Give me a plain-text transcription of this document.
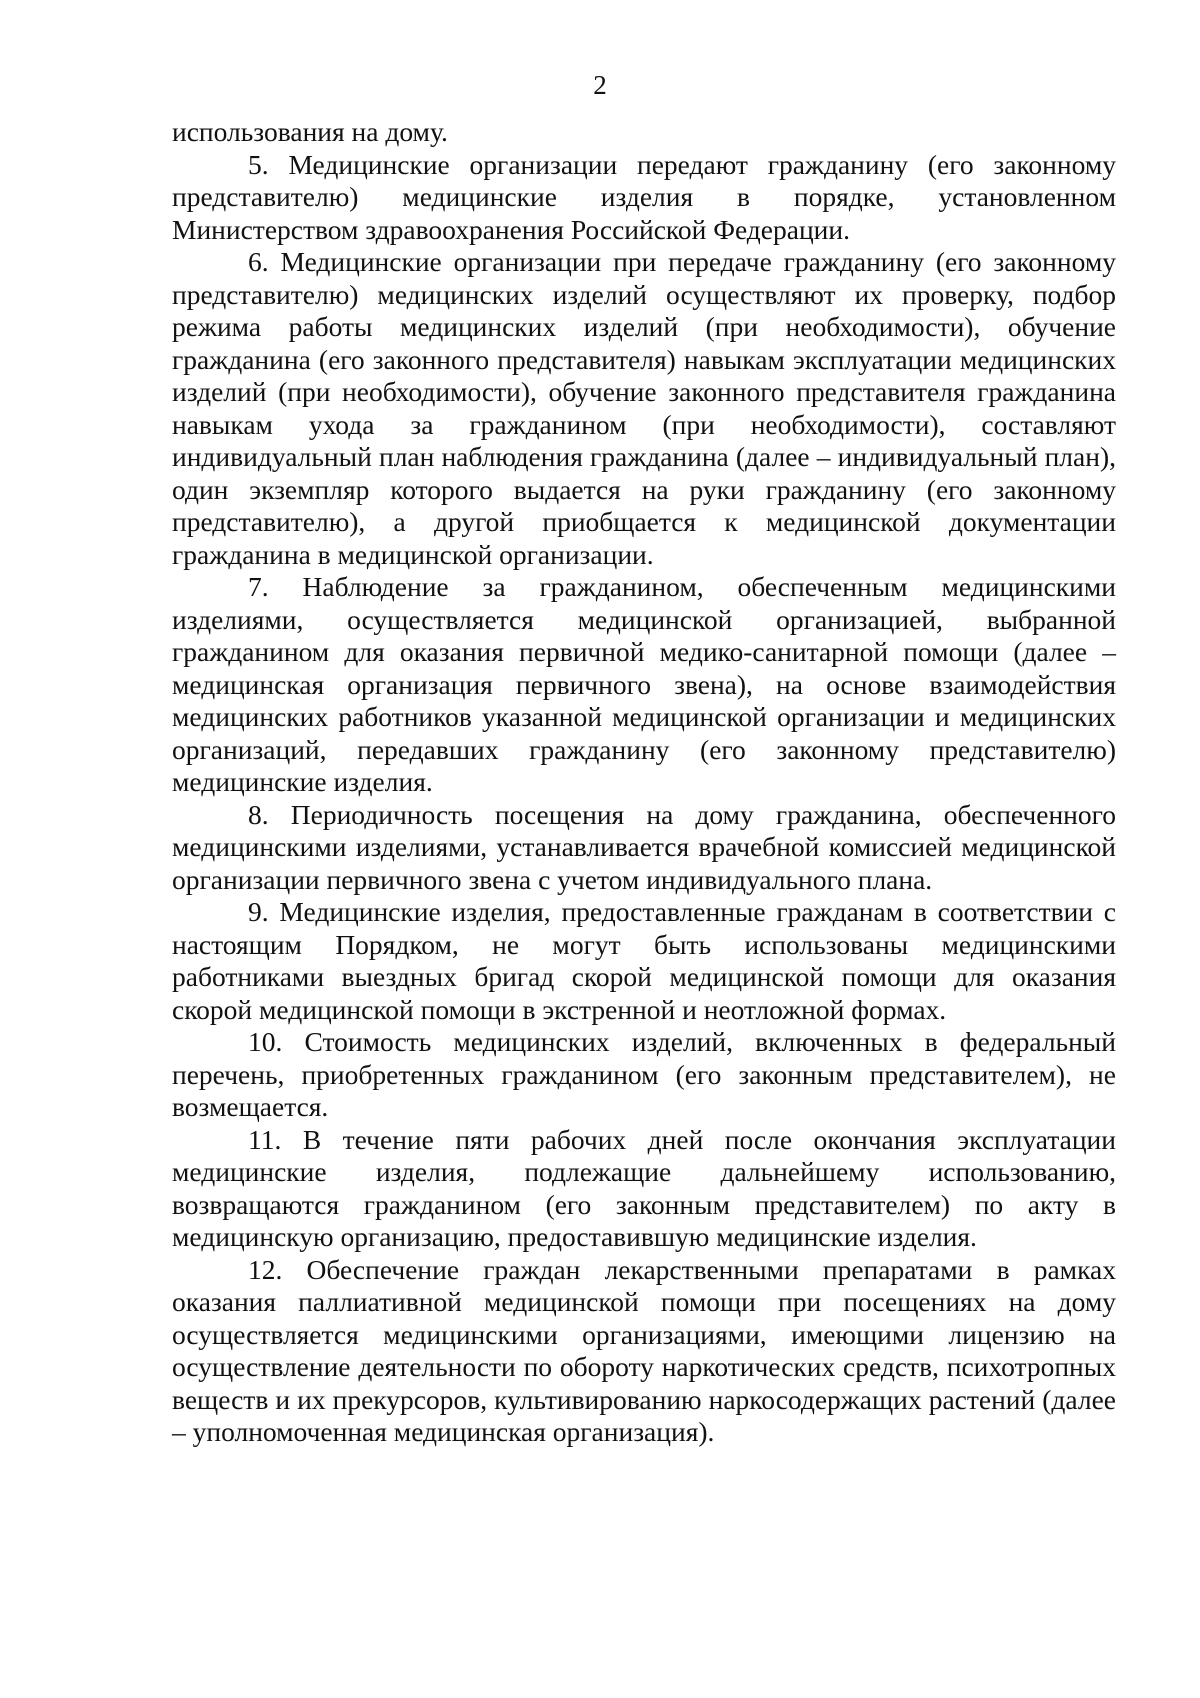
2

использования на дому.

5. Медицинские организации передают гражданину (его законному представителю) медицинские изделия в порядке, установленном Министерством здравоохранения Российской Федерации.

6. Медицинские организации при передаче гражданину (его законному представителю) медицинских изделий осуществляют их проверку, подбор режима работы медицинских изделий (при необходимости), обучение гражданина (его законного представителя) навыкам эксплуатации медицинских изделий (при необходимости), обучение законного представителя гражданина навыкам ухода за гражданином (при необходимости), составляют индивидуальный план наблюдения гражданина (далее – индивидуальный план), один экземпляр которого выдается на руки гражданину (его законному представителю), а другой приобщается к медицинской документации гражданина в медицинской организации.

7. Наблюдение за гражданином, обеспеченным медицинскими изделиями, осуществляется медицинской организацией, выбранной гражданином для оказания первичной медико-санитарной помощи (далее – медицинская организация первичного звена), на основе взаимодействия медицинских работников указанной медицинской организации и медицинских организаций, передавших гражданину (его законному представителю) медицинские изделия.

8. Периодичность посещения на дому гражданина, обеспеченного медицинскими изделиями, устанавливается врачебной комиссией медицинской организации первичного звена с учетом индивидуального плана.

9. Медицинские изделия, предоставленные гражданам в соответствии с настоящим Порядком, не могут быть использованы медицинскими работниками выездных бригад скорой медицинской помощи для оказания скорой медицинской помощи в экстренной и неотложной формах.

10. Стоимость медицинских изделий, включенных в федеральный перечень, приобретенных гражданином (его законным представителем), не возмещается.

11. В течение пяти рабочих дней после окончания эксплуатации медицинские изделия, подлежащие дальнейшему использованию, возвращаются гражданином (его законным представителем) по акту в медицинскую организацию, предоставившую медицинские изделия.

12. Обеспечение граждан лекарственными препаратами в рамках оказания паллиативной медицинской помощи при посещениях на дому осуществляется медицинскими организациями, имеющими лицензию на осуществление деятельности по обороту наркотических средств, психотропных веществ и их прекурсоров, культивированию наркосодержащих растений (далее – уполномоченная медицинская организация).
